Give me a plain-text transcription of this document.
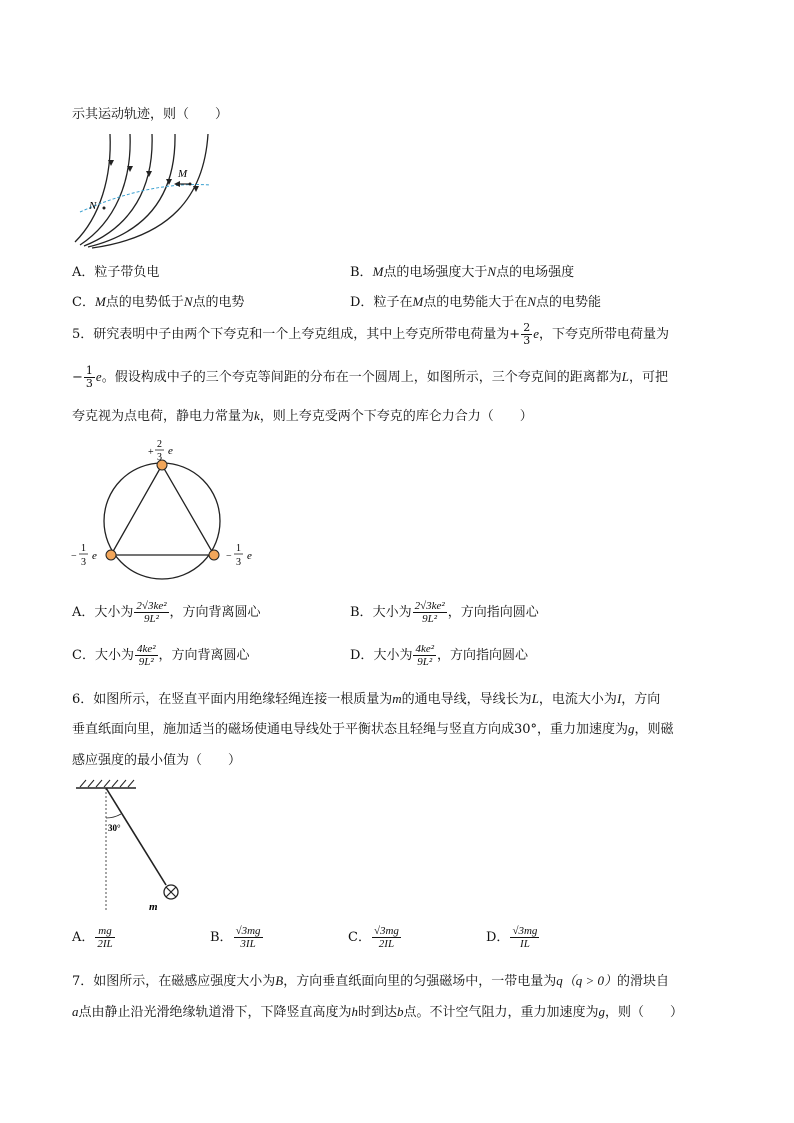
示其运动轨迹，则（　　）
M
N
A．粒子带负电	B．M点的电场强度大于N点的电场强度
C．M点的电势低于N点的电势	D．粒子在M点的电势能大于在N点的电势能
5．研究表明中子由两个下夸克和一个上夸克组成，其中上夸克所带电荷量为+ $\frac{2}{3}$ e，下夸克所带电荷量为
− $\frac{1}{3}$ e。假设构成中子的三个夸克等间距的分布在一个圆周上，如图所示，三个夸克间的距离都为L，可把
夸克视为点电荷，静电力常量为k，则上夸克受两个下夸克的库仑力合力（　　）
+
2
3
e
−
1
3
e	−
1
3
e
A．大小为 $\frac{\text{2√3ke²}}{\text{9L²}}$ ，方向背离圆心	B．大小为 $\frac{\text{2√3ke²}}{\text{9L²}}$ ，方向指向圆心
C．大小为 $\frac{\text{4ke²}}{\text{9L²}}$ ，方向背离圆心	D．大小为 $\frac{\text{4ke²}}{\text{9L²}}$ ，方向指向圆心
6．如图所示，在竖直平面内用绝缘轻绳连接一根质量为m的通电导线，导线长为L，电流大小为I，方向
垂直纸面向里，施加适当的磁场使通电导线处于平衡状态且轻绳与竖直方向成30°，重力加速度为g，则磁
感应强度的最小值为（　　）
30°
m
A． $\frac{mg}{2IL}$	B． $\frac{√3mg}{3IL}$	C． $\frac{√3mg}{2IL}$	D． $\frac{√3mg}{IL}$
7．如图所示，在磁感应强度大小为B，方向垂直纸面向里的匀强磁场中，一带电量为q（q > 0）的滑块自
a点由静止沿光滑绝缘轨道滑下，下降竖直高度为h时到达b点。不计空气阻力，重力加速度为g，则（　　）
